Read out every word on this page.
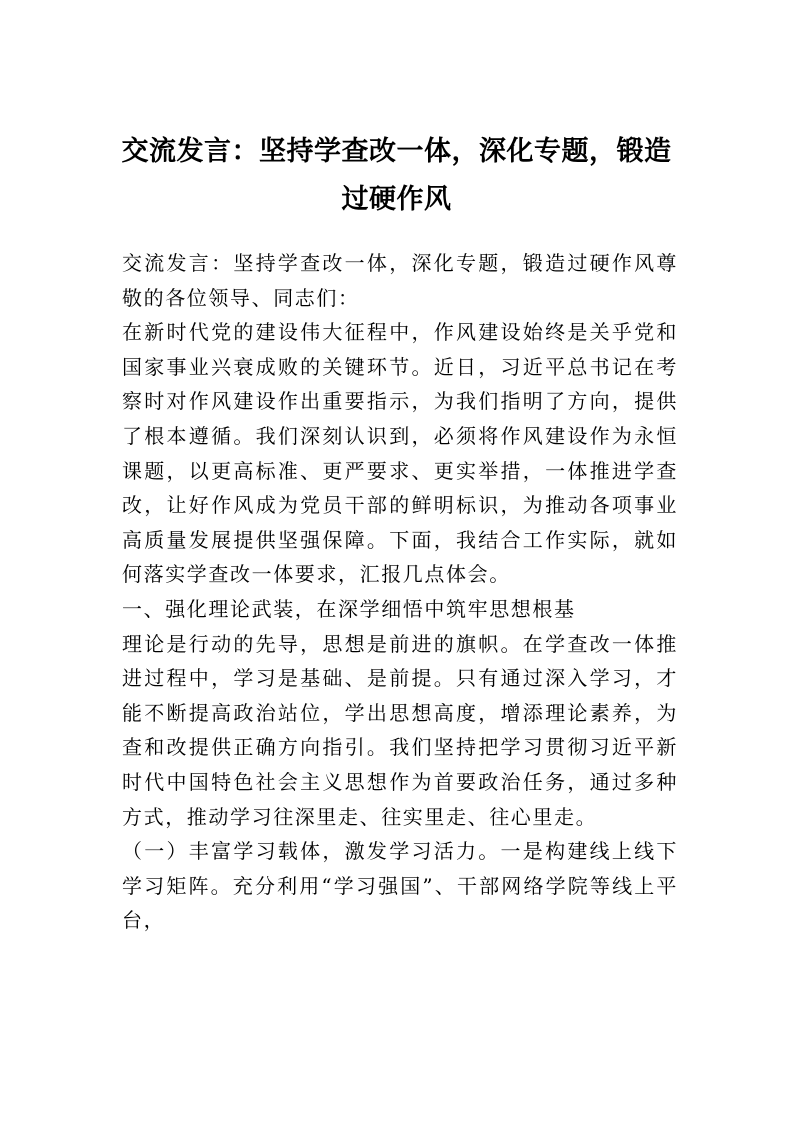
交流发言：坚持学查改一体，深化专题，锻造过硬作风

交流发言：坚持学查改一体，深化专题，锻造过硬作风尊敬的各位领导、同志们：

在新时代党的建设伟大征程中，作风建设始终是关乎党和国家事业兴衰成败的关键环节。近日，习近平总书记在考察时对作风建设作出重要指示，为我们指明了方向，提供了根本遵循。我们深刻认识到，必须将作风建设作为永恒课题，以更高标准、更严要求、更实举措，一体推进学查改，让好作风成为党员干部的鲜明标识，为推动各项事业高质量发展提供坚强保障。下面，我结合工作实际，就如何落实学查改一体要求，汇报几点体会。

一、强化理论武装，在深学细悟中筑牢思想根基

理论是行动的先导，思想是前进的旗帜。在学查改一体推进过程中，学习是基础、是前提。只有通过深入学习，才能不断提高政治站位，学出思想高度，增添理论素养，为查和改提供正确方向指引。我们坚持把学习贯彻习近平新时代中国特色社会主义思想作为首要政治任务，通过多种方式，推动学习往深里走、往实里走、往心里走。

（一）丰富学习载体，激发学习活力。一是构建线上线下学习矩阵。充分利用“学习强国”、干部网络学院等线上平台，
